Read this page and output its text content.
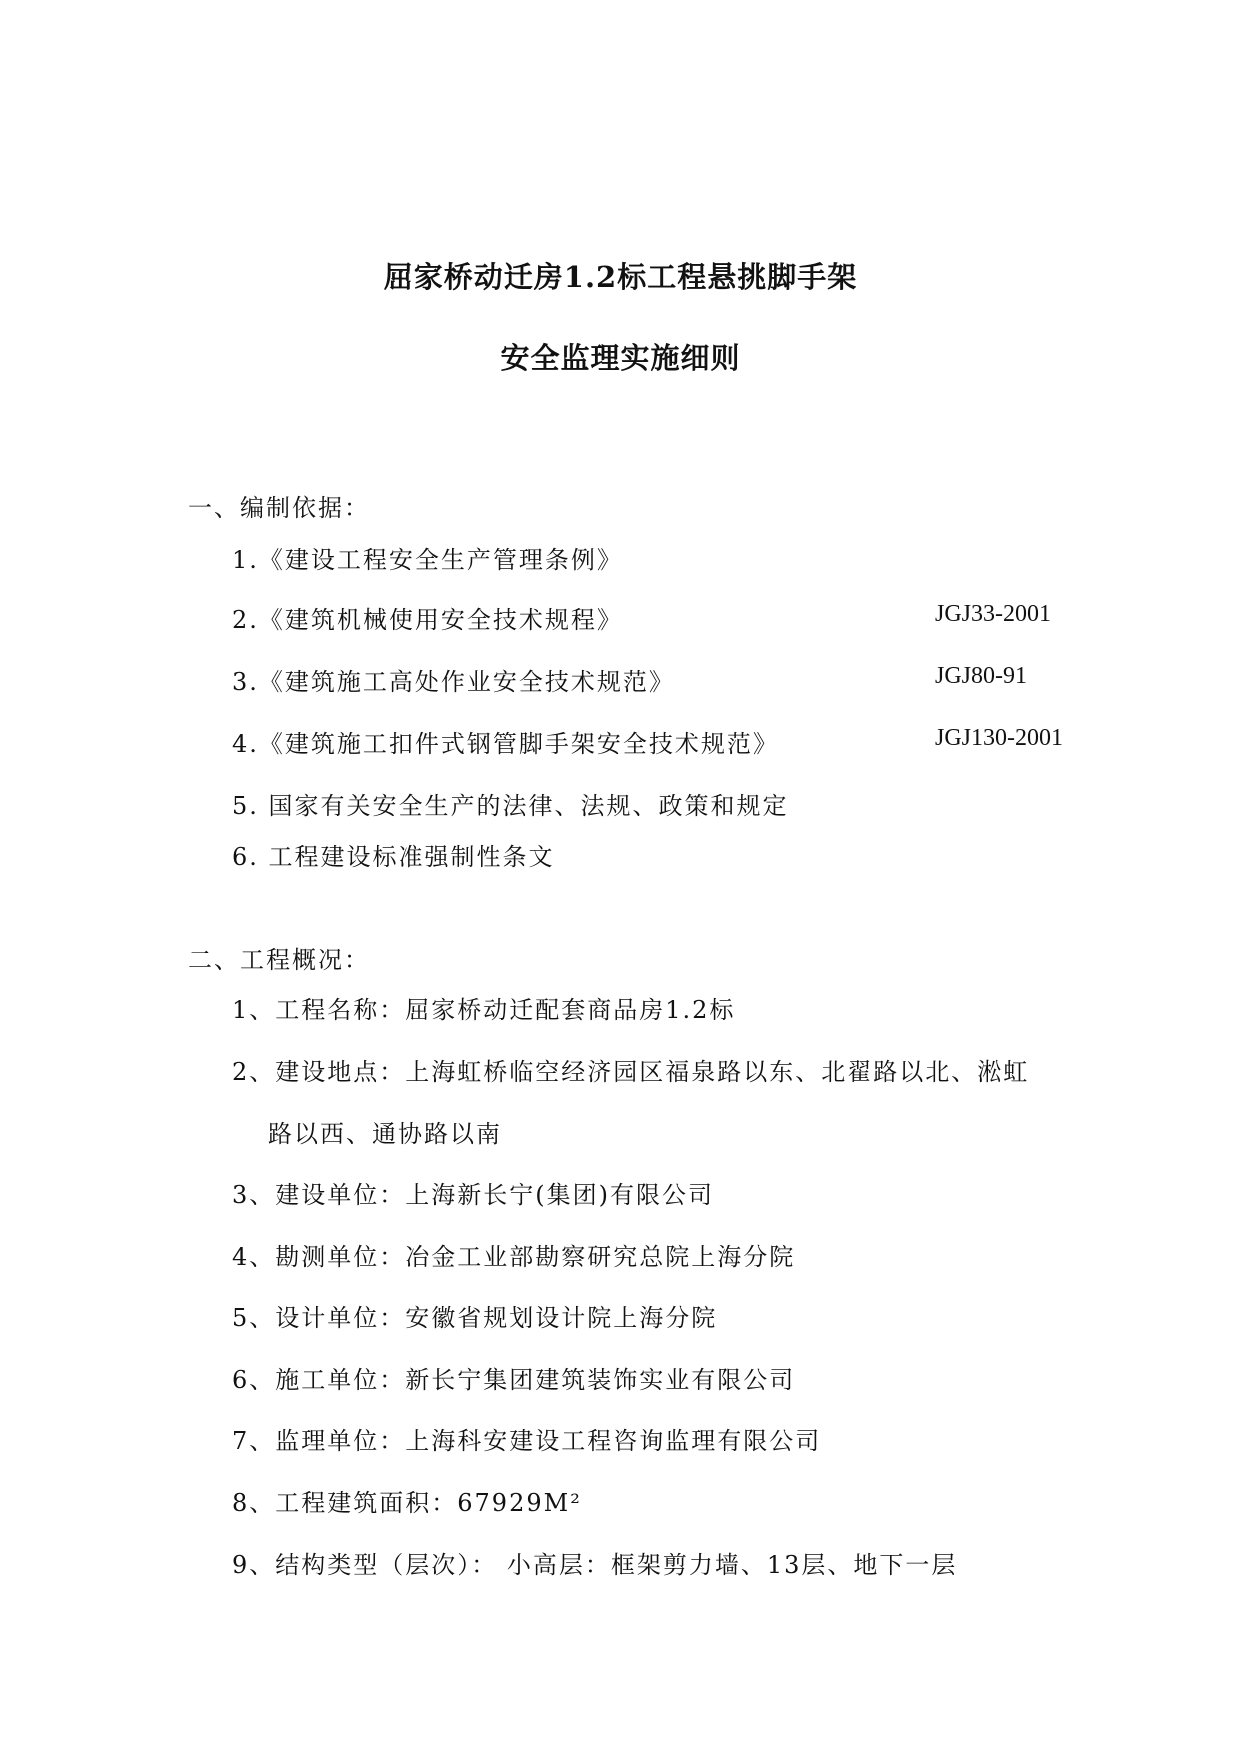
屈家桥动迁房1.2标工程悬挑脚手架
安全监理实施细则
一、编制依据：
1.《建设工程安全生产管理条例》
2.《建筑机械使用安全技术规程》	JGJ33-2001
3.《建筑施工高处作业安全技术规范》	JGJ80-91
4.《建筑施工扣件式钢管脚手架安全技术规范》	JGJ130-2001
5. 国家有关安全生产的法律、法规、政策和规定
6. 工程建设标准强制性条文
二、工程概况：
1、工程名称：屈家桥动迁配套商品房1.2标
2、建设地点：上海虹桥临空经济园区福泉路以东、北翟路以北、淞虹
路以西、通协路以南
3、建设单位：上海新长宁(集团)有限公司
4、勘测单位：冶金工业部勘察研究总院上海分院
5、设计单位：安徽省规划设计院上海分院
6、施工单位：新长宁集团建筑装饰实业有限公司
7、监理单位：上海科安建设工程咨询监理有限公司
8、工程建筑面积：67929M²
9、结构类型（层次）： 小高层：框架剪力墙、13层、地下一层
